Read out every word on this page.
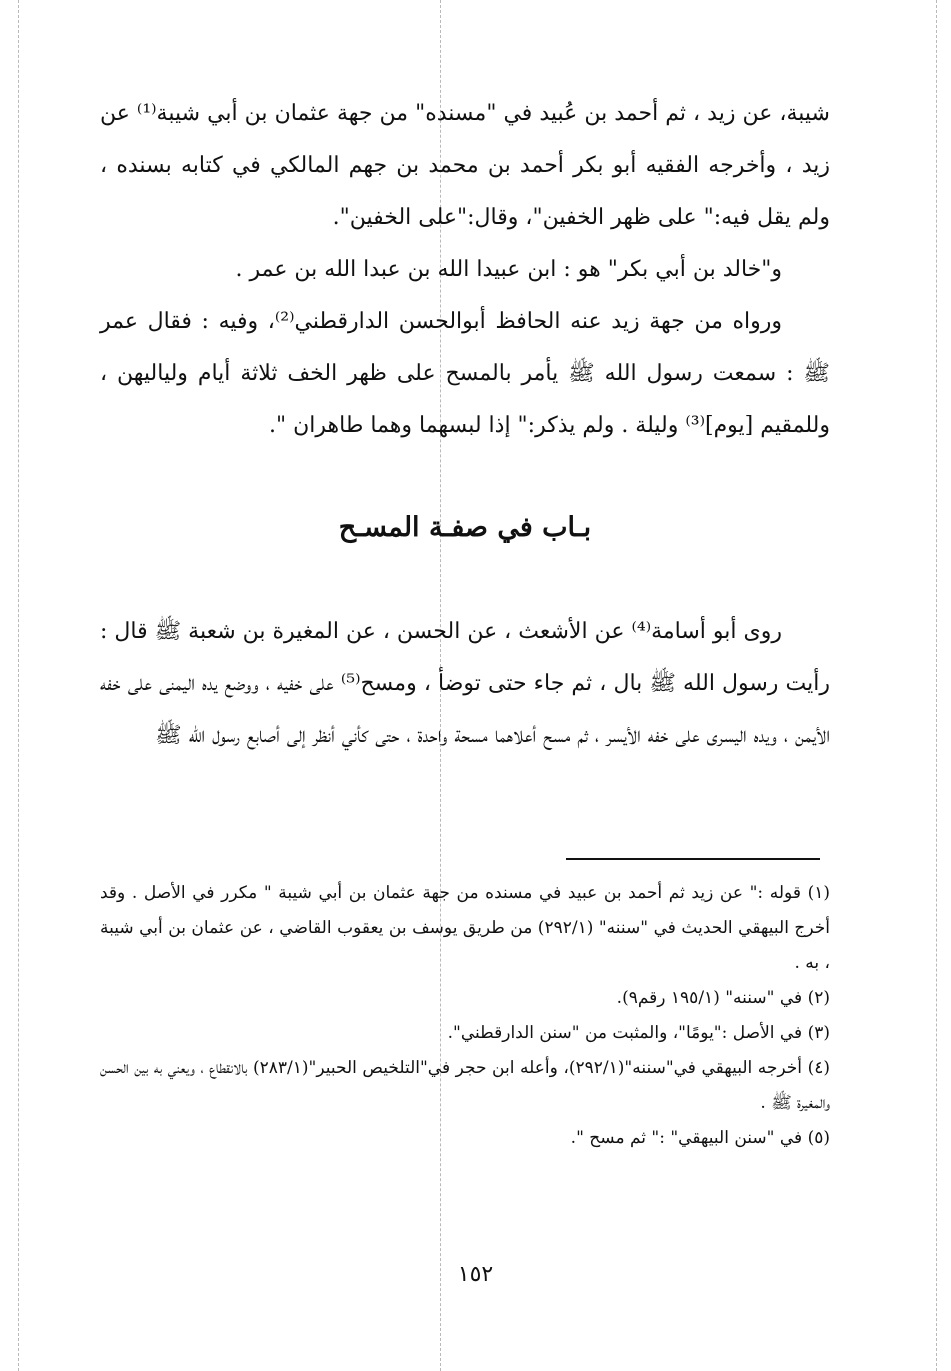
شيبة، عن زيد ، ثم أحمد بن عُبيد في "مسنده" من جهة عثمان بن أبي شيبة⁽¹⁾ عن زيد ، وأخرجه الفقيه أبو بكر أحمد بن محمد بن جهم المالكي في كتابه بسنده ، ولم يقل فيه:" على ظهر الخفين"، وقال:"على الخفين".

و"خالد بن أبي بكر" هو : ابن عبيدا الله بن عبدا الله بن عمر .

ورواه من جهة زيد عنه الحافظ أبوالحسن الدارقطني⁽²⁾، وفيه : فقال عمر ﷺ : سمعت رسول الله ﷺ يأمر بالمسح على ظهر الخف ثلاثة أيام ولياليهن ، وللمقيم [يوم]⁽³⁾ وليلة . ولم يذكر:" إذا لبسهما وهما طاهران ".

بـاب في صفـة المسـح

روى أبو أسامة⁽⁴⁾ عن الأشعث ، عن الحسن ، عن المغيرة بن شعبة ﷺ قال : رأيت رسول الله ﷺ بال ، ثم جاء حتى توضأ ، ومسح⁽⁵⁾ على خفيه ، ووضع يده اليمنى على خفه الأيمن ، ويده اليسرى على خفه الأيسر ، ثم مسح أعلاهما مسحة واحدة ، حتى كأني أنظر إلى أصابع رسول الله ﷺ

(١) قوله :" عن زيد ثم أحمد بن عبيد في مسنده من جهة عثمان بن أبي شيبة " مكرر في الأصل . وقد أخرج البيهقي الحديث في "سننه" (٢٩٢/١) من طريق يوسف بن يعقوب القاضي ، عن عثمان بن أبي شيبة ، به .

(٢) في "سننه" (١٩٥/١ رقم٩).

(٣) في الأصل :"يومًا"، والمثبت من "سنن الدارقطني".

(٤) أخرجه البيهقي في"سننه"(٢٩٢/١)، وأعله ابن حجر في"التلخيص الحبير"(٢٨٣/١) بالانقطاع ، ويعني به بين الحسن والمغيرة ﷺ .

(٥) في "سنن البيهقي" :" ثم مسح ".

١٥٢
